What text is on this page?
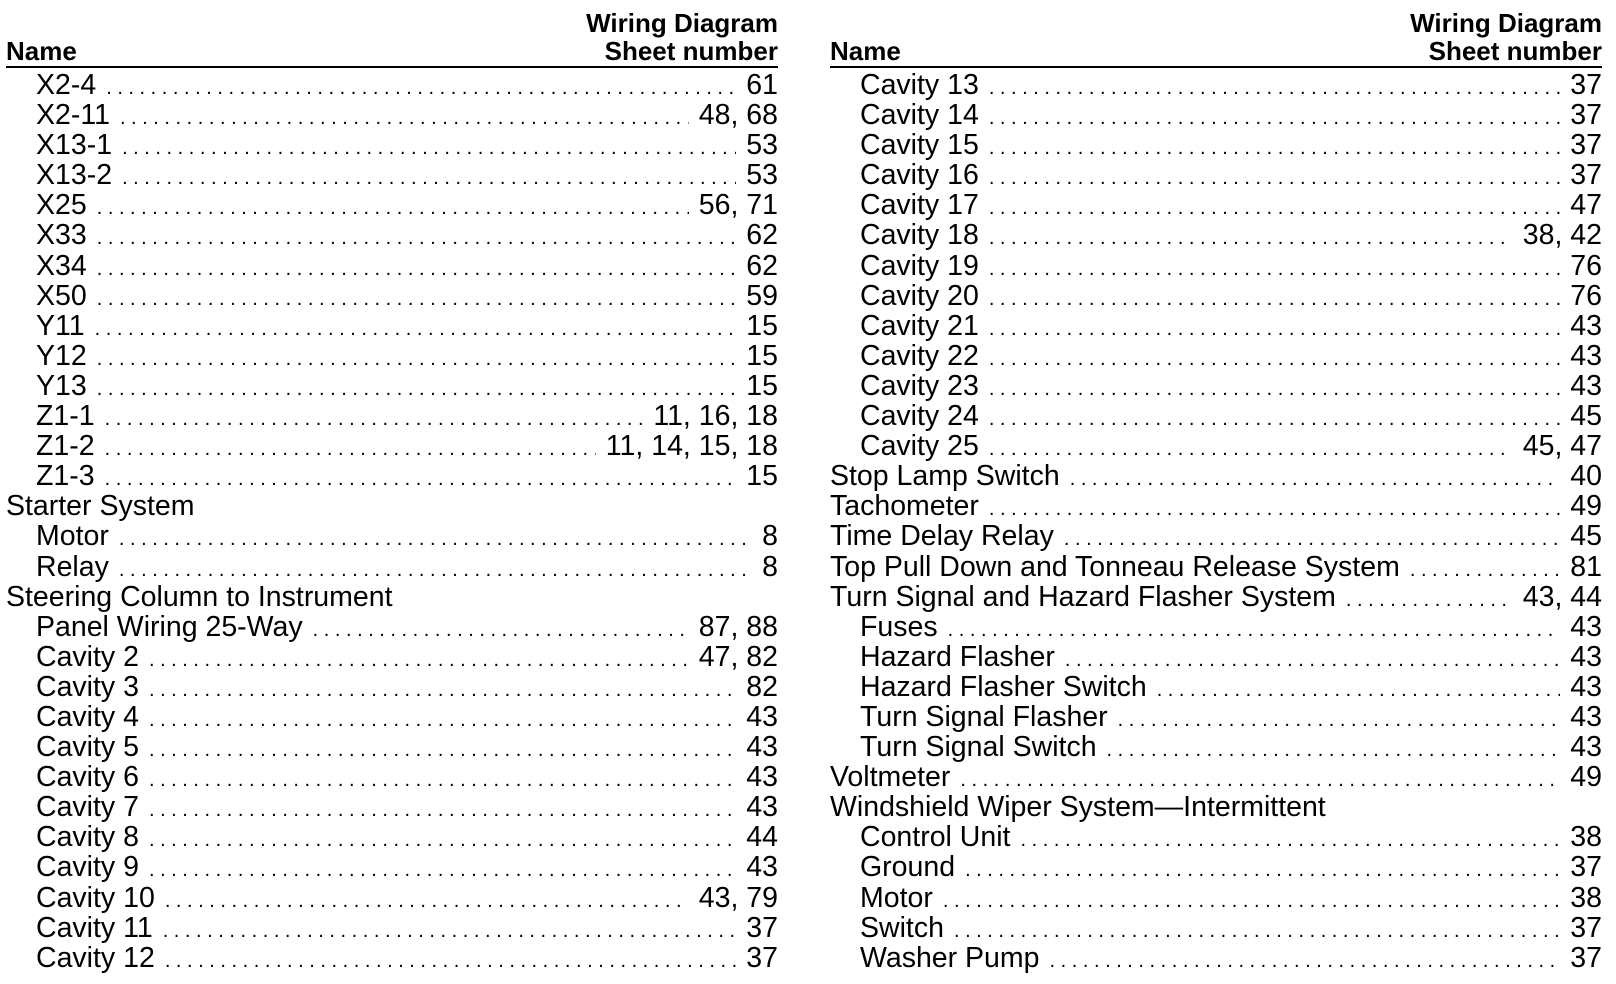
Name
Wiring Diagram
Sheet number
X2-4 . . .	61
X2-11 . . .	48, 68
X13-1 . . .	53
X13-2 . . .	53
X25 . . .	56, 71
X33 . . .	62
X34 . . .	62
X50 . . .	59
Y11 . . .	15
Y12 . . .	15
Y13 . . .	15
Z1-1 . . .	11, 16, 18
Z1-2 . . .	11, 14, 15, 18
Z1-3 . . .	15
Starter System
Motor . . .	8
Relay . . .	8
Steering Column to Instrument
Panel Wiring 25-Way . . .	87, 88
Cavity 2 . . .	47, 82
Cavity 3 . . .	82
Cavity 4 . . .	43
Cavity 5 . . .	43
Cavity 6 . . .	43
Cavity 7 . . .	43
Cavity 8 . . .	44
Cavity 9 . . .	43
Cavity 10 . . .	43, 79
Cavity 11 . . .	37
Cavity 12 . . .	37
Name
Wiring Diagram
Sheet number
Cavity 13 . . .	37
Cavity 14 . . .	37
Cavity 15 . . .	37
Cavity 16 . . .	37
Cavity 17 . . .	47
Cavity 18 . . .	38, 42
Cavity 19 . . .	76
Cavity 20 . . .	76
Cavity 21 . . .	43
Cavity 22 . . .	43
Cavity 23 . . .	43
Cavity 24 . . .	45
Cavity 25 . . .	45, 47
Stop Lamp Switch . . .	40
Tachometer . . .	49
Time Delay Relay . . .	45
Top Pull Down and Tonneau Release System . . .	81
Turn Signal and Hazard Flasher System . . .	43, 44
Fuses . . .	43
Hazard Flasher . . .	43
Hazard Flasher Switch . . .	43
Turn Signal Flasher . . .	43
Turn Signal Switch . . .	43
Voltmeter . . .	49
Windshield Wiper System—Intermittent
Control Unit . . .	38
Ground . . .	37
Motor . . .	38
Switch . . .	37
Washer Pump . . .	37
